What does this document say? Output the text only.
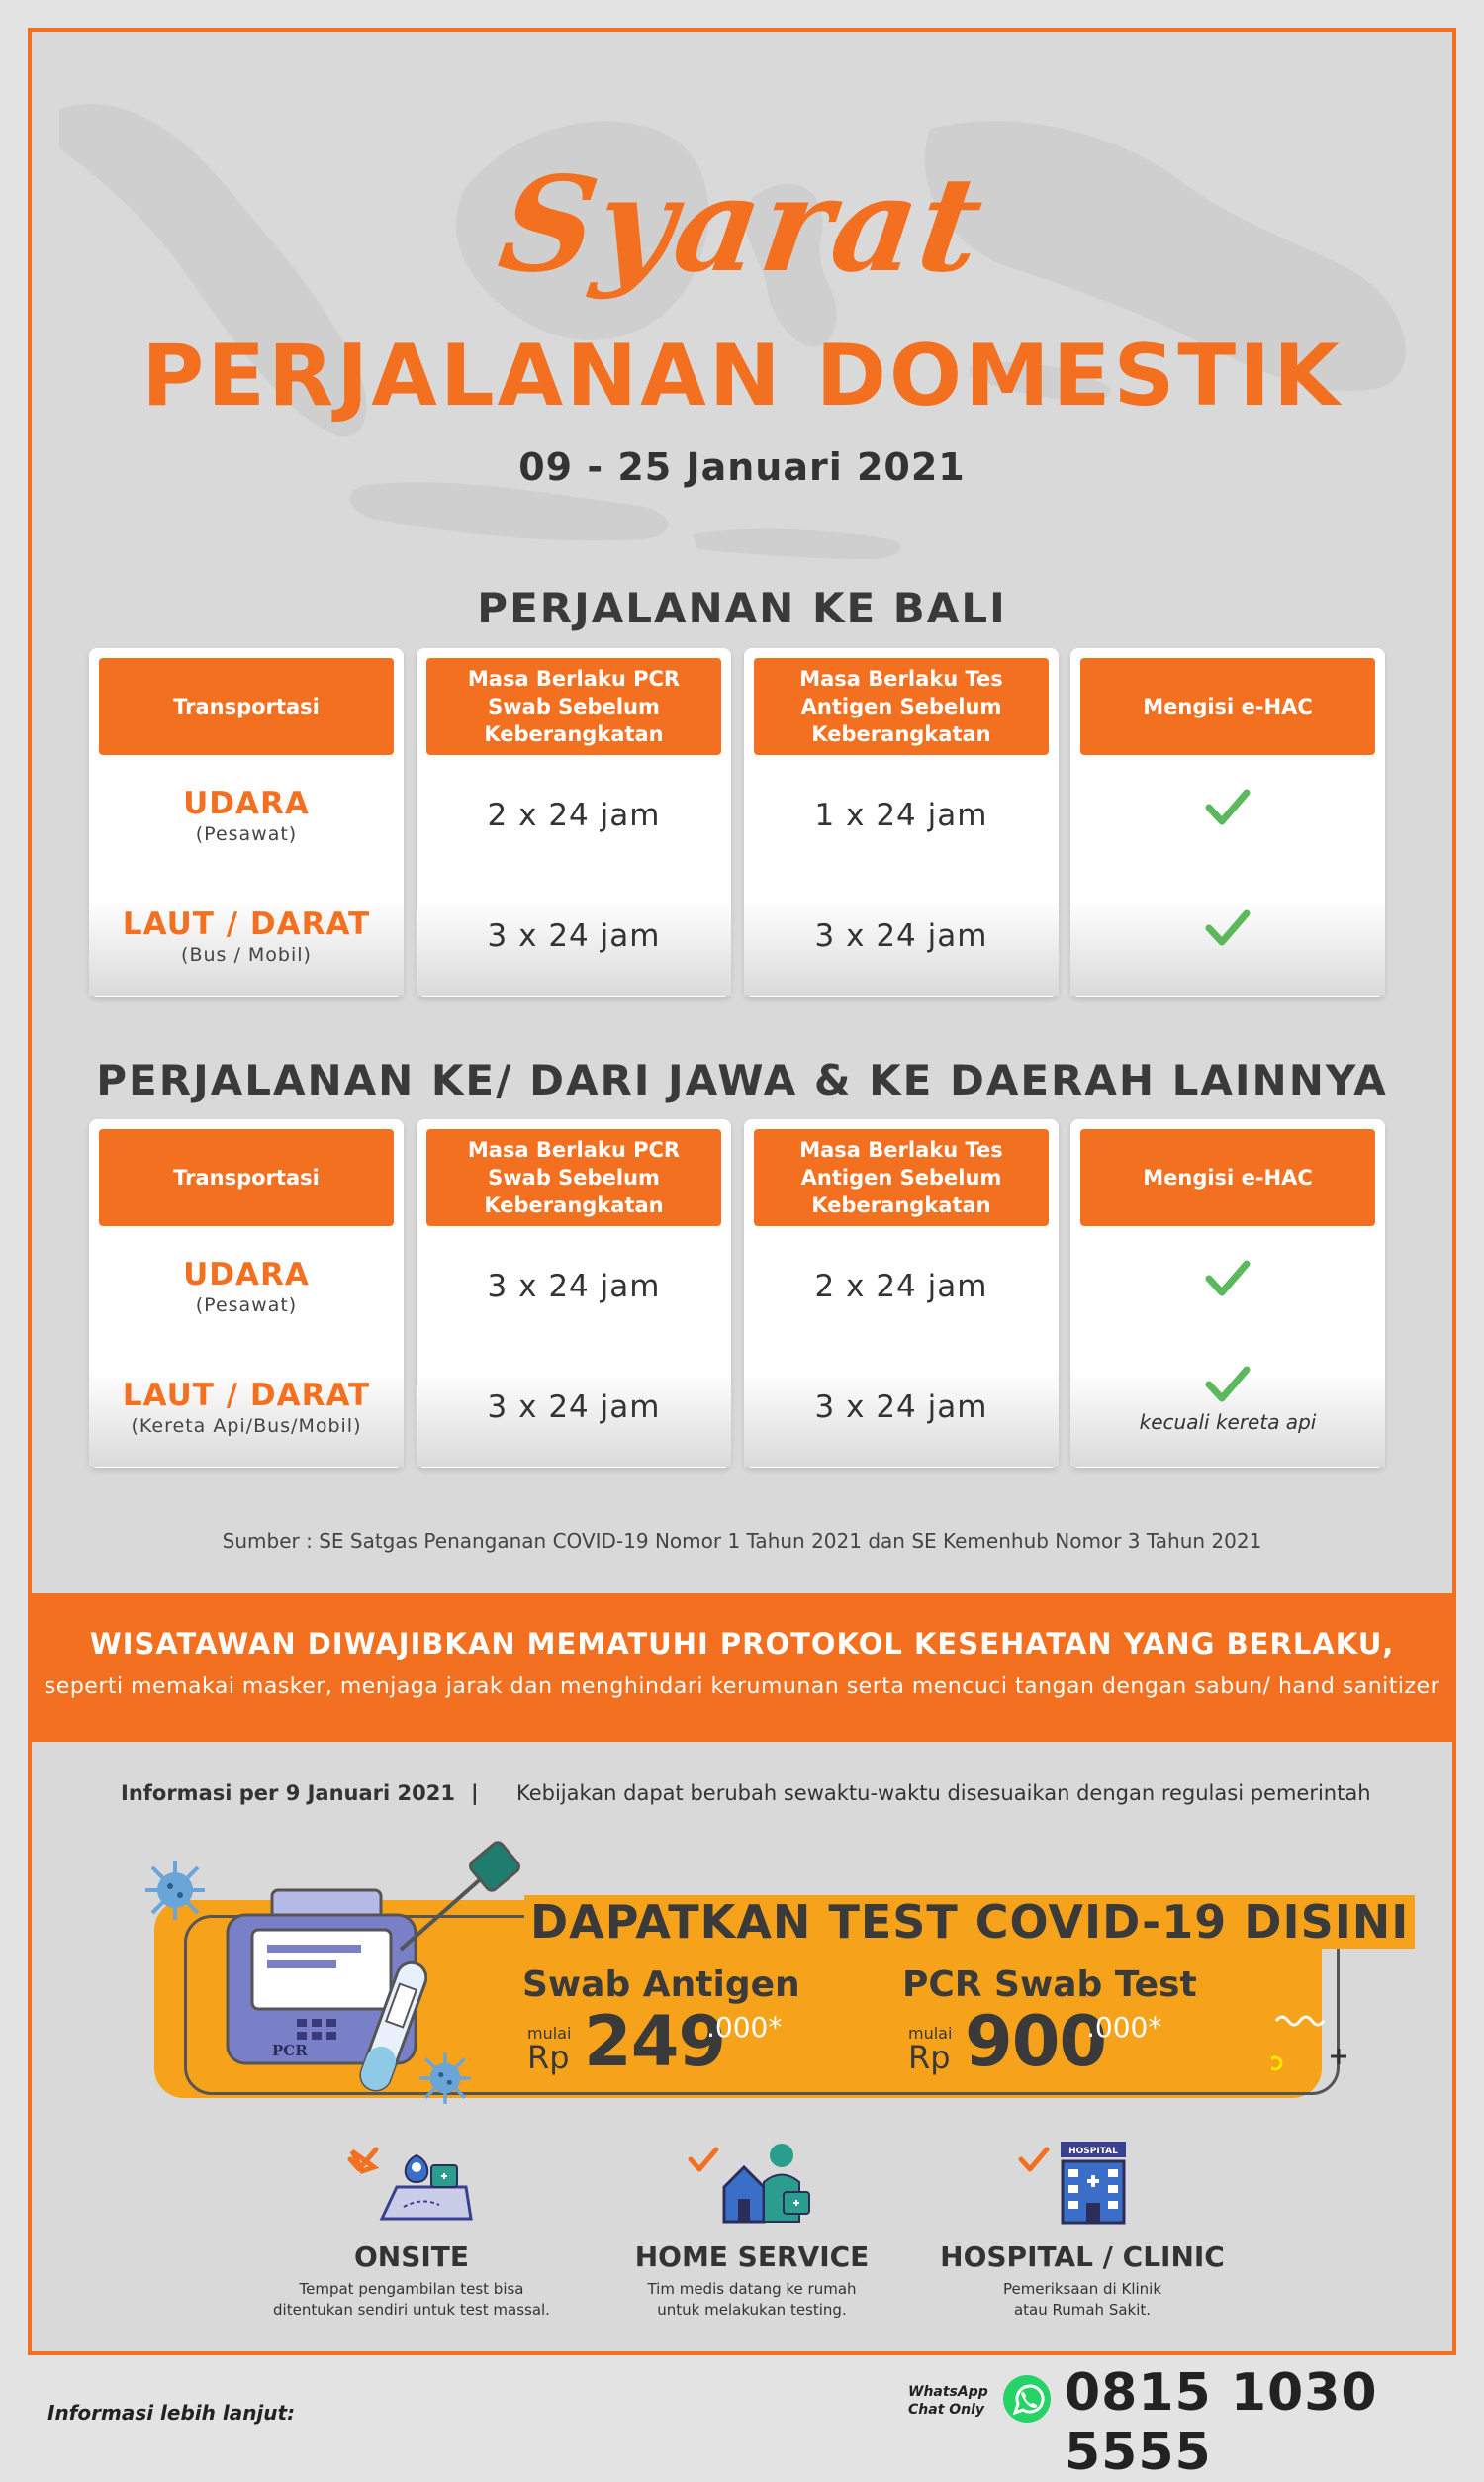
Syarat
PERJALANAN DOMESTIK
09 - 25 Januari 2021
PERJALANAN KE BALI
Transportasi
UDARA
(Pesawat)
LAUT / DARAT
(Bus / Mobil)
Masa Berlaku PCR Swab Sebelum Keberangkatan
2 x 24 jam
3 x 24 jam
Masa Berlaku Tes Antigen Sebelum Keberangkatan
1 x 24 jam
3 x 24 jam
Mengisi e-HAC
PERJALANAN KE/ DARI JAWA & KE DAERAH LAINNYA
Transportasi
UDARA
(Pesawat)
LAUT / DARAT
(Kereta Api/Bus/Mobil)
Masa Berlaku PCR Swab Sebelum Keberangkatan
3 x 24 jam
3 x 24 jam
Masa Berlaku Tes Antigen Sebelum Keberangkatan
2 x 24 jam
3 x 24 jam
Mengisi e-HAC
kecuali kereta api
Sumber : SE Satgas Penanganan COVID-19 Nomor 1 Tahun 2021 dan SE Kemenhub Nomor 3 Tahun 2021
WISATAWAN DIWAJIBKAN MEMATUHI PROTOKOL KESEHATAN YANG BERLAKU,
seperti memakai masker, menjaga jarak dan menghindari kerumunan serta mencuci tangan dengan sabun/ hand sanitizer
Informasi per 9 Januari 2021 | Kebijakan dapat berubah sewaktu-waktu disesuaikan dengan regulasi pemerintah
PCR
DAPATKAN TEST COVID-19 DISINI
Swab Antigen
mulai
Rp 249
.000*
PCR Swab Test
mulai
Rp 900
.000*
ONSITE
Tempat pengambilan test bisa
ditentukan sendiri untuk test massal.
HOME SERVICE
Tim medis datang ke rumah
untuk melakukan testing.
HOSPITAL
HOSPITAL / CLINIC
Pemeriksaan di Klinik
atau Rumah Sakit.
Informasi lebih lanjut:
WhatsApp
Chat Only 0815 1030 5555
